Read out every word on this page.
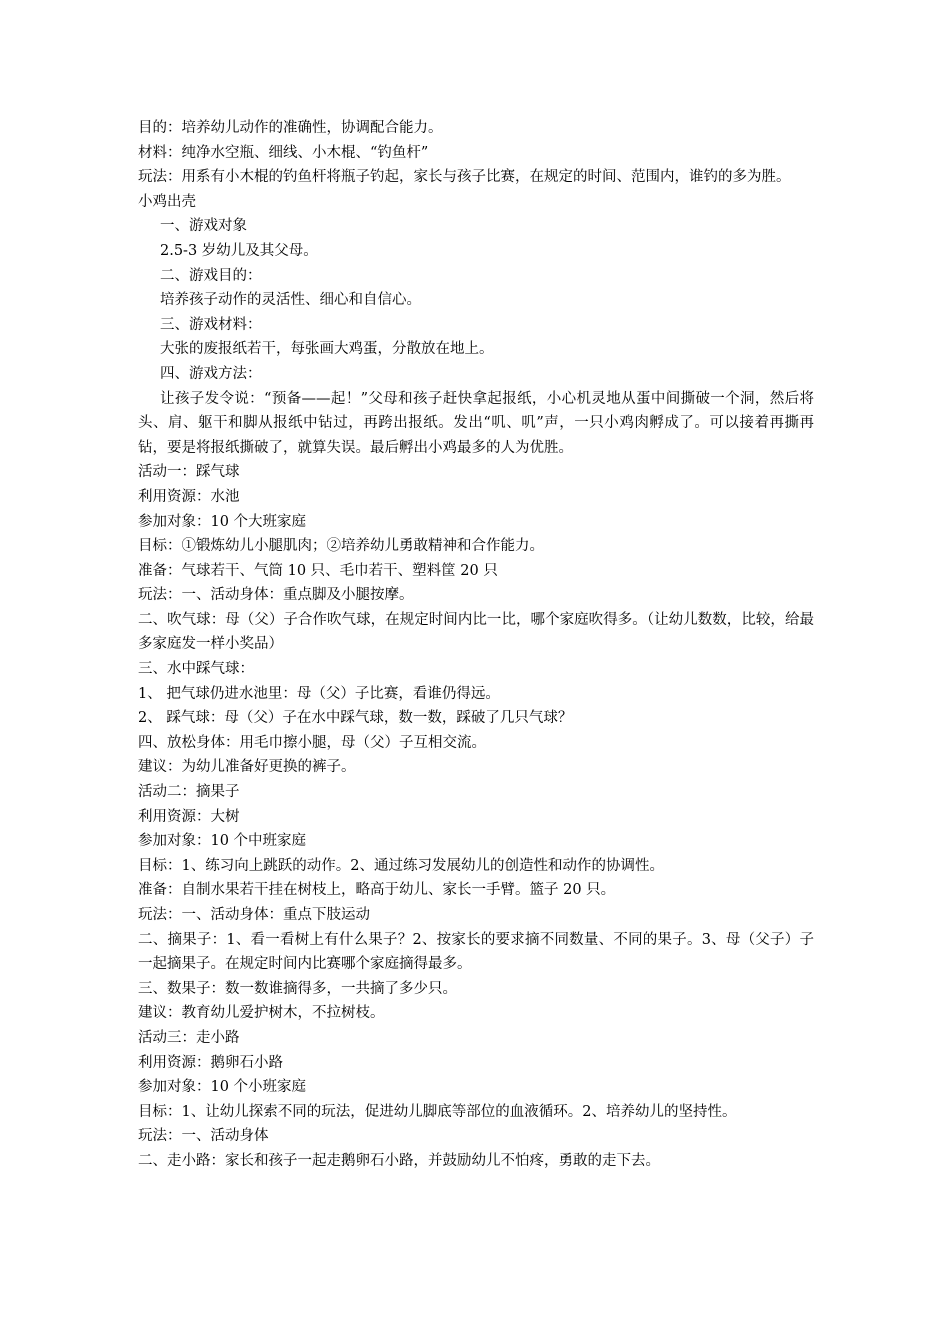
目的：培养幼儿动作的准确性，协调配合能力。
材料：纯净水空瓶、细线、小木棍、“钓鱼杆”
玩法：用系有小木棍的钓鱼杆将瓶子钓起，家长与孩子比赛，在规定的时间、范围内，谁钓的多为胜。
小鸡出壳
一、游戏对象
2.5-3 岁幼儿及其父母。
二、游戏目的：
培养孩子动作的灵活性、细心和自信心。
三、游戏材料：
大张的废报纸若干，每张画大鸡蛋，分散放在地上。
四、游戏方法：
让孩子发令说：“预备——起！”父母和孩子赶快拿起报纸，小心机灵地从蛋中间撕破一个洞，然后将头、肩、躯干和脚从报纸中钻过，再跨出报纸。发出“叽、叽”声，一只小鸡肉孵成了。可以接着再撕再钻，要是将报纸撕破了，就算失误。最后孵出小鸡最多的人为优胜。
活动一：踩气球
利用资源：水池
参加对象：10 个大班家庭
目标：①锻炼幼儿小腿肌肉；②培养幼儿勇敢精神和合作能力。
准备：气球若干、气筒 10 只、毛巾若干、塑料筐 20 只
玩法：一、活动身体：重点脚及小腿按摩。
二、吹气球：母（父）子合作吹气球，在规定时间内比一比，哪个家庭吹得多。（让幼儿数数，比较，给最多家庭发一样小奖品）
三、水中踩气球：
1、 把气球仍进水池里：母（父）子比赛，看谁仍得远。
2、 踩气球：母（父）子在水中踩气球，数一数，踩破了几只气球？
四、放松身体：用毛巾擦小腿，母（父）子互相交流。
建议：为幼儿准备好更换的裤子。
活动二：摘果子
利用资源：大树
参加对象：10 个中班家庭
目标：1、练习向上跳跃的动作。2、通过练习发展幼儿的创造性和动作的协调性。
准备：自制水果若干挂在树枝上，略高于幼儿、家长一手臂。篮子 20 只。
玩法：一、活动身体：重点下肢运动
二、摘果子：1、看一看树上有什么果子？2、按家长的要求摘不同数量、不同的果子。3、母（父子）子一起摘果子。在规定时间内比赛哪个家庭摘得最多。
三、数果子：数一数谁摘得多，一共摘了多少只。
建议：教育幼儿爱护树木，不拉树枝。
活动三：走小路
利用资源：鹅卵石小路
参加对象：10 个小班家庭
目标：1、让幼儿探索不同的玩法，促进幼儿脚底等部位的血液循环。2、培养幼儿的坚持性。
玩法：一、活动身体
二、走小路：家长和孩子一起走鹅卵石小路，并鼓励幼儿不怕疼，勇敢的走下去。
